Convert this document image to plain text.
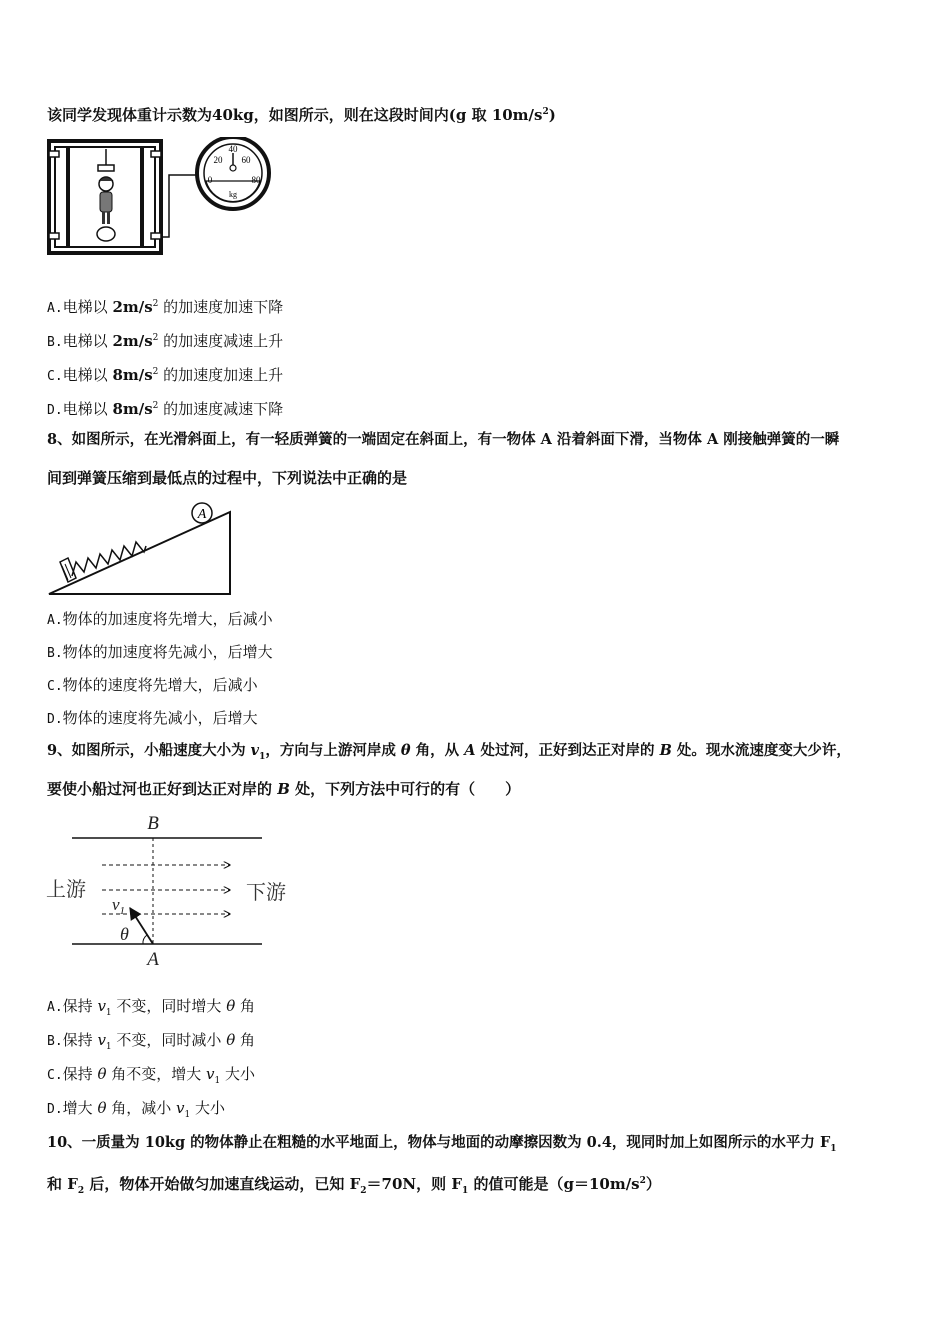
该同学发现体重计示数为40kg，如图所示，则在这段时间内(g 取 $10m/s^2$)
40
20 60
0	80
kg
A.电梯以 $2m/s^2$ 的加速度加速下降
B.电梯以 $2m/s^2$ 的加速度减速上升
C.电梯以 $8m/s^2$ 的加速度加速上升
D.电梯以 $8m/s^2$ 的加速度减速下降
8、如图所示，在光滑斜面上，有一轻质弹簧的一端固定在斜面上，有一物体 A 沿着斜面下滑，当物体 A 刚接触弹簧的一瞬
间到弹簧压缩到最低点的过程中，下列说法中正确的是
A
A.物体的加速度将先增大，后减小
B.物体的加速度将先减小，后增大
C.物体的速度将先增大，后减小
D.物体的速度将先减小，后增大
9、如图所示，小船速度大小为 $v_1$，方向与上游河岸成 θ 角，从 A 处过河，正好到达正对岸的 B 处。现水流速度变大少许，
要使小船过河也正好到达正对岸的 B 处，下列方法中可行的有（　　）
B
上游	下游
$v_1$
θ
A
A.保持 $v_1$ 不变，同时增大 θ 角
B.保持 $v_1$ 不变，同时减小 θ 角
C.保持 θ 角不变，增大 $v_1$ 大小
D.增大 θ 角，减小 $v_1$ 大小
10、一质量为 10kg 的物体静止在粗糙的水平地面上，物体与地面的动摩擦因数为 0.4，现同时加上如图所示的水平力 $F_1$
和 $F_2$ 后，物体开始做匀加速直线运动，已知 $F_2=70N$，则 $F_1$ 的值可能是$(g=10m/s^2)$
